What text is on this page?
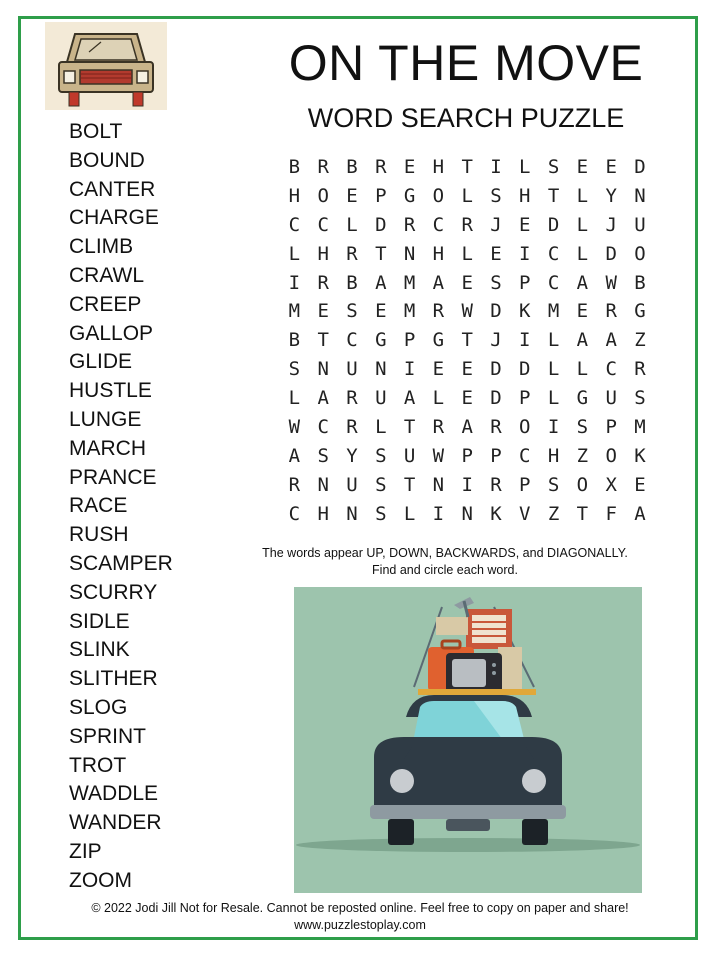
ON THE MOVE
WORD SEARCH PUZZLE
BOLT
BOUND
CANTER
CHARGE
CLIMB
CRAWL
CREEP
GALLOP
GLIDE
HUSTLE
LUNGE
MARCH
PRANCE
RACE
RUSH
SCAMPER
SCURRY
SIDLE
SLINK
SLITHER
SLOG
SPRINT
TROT
WADDLE
WANDER
ZIP
ZOOM
B R B R E H T I L S E E D
H O E P G O L S H T L Y N
C C L D R C R J E D L J U
L H R T N H L E I C L D O
I R B A M A E S P C A W B
M E S E M R W D K M E R G
B T C G P G T J I L A A Z
S N U N I E E D D L L C R
L A R U A L E D P L G U S
W C R L T R A R O I S P M
A S Y S U W P P C H Z O K
R N U S T N I R P S O X E
C H N S L I N K V Z T F A
The words appear UP, DOWN, BACKWARDS, and DIAGONALLY.
Find and circle each word.
© 2022 Jodi Jill Not for Resale. Cannot be reposted online. Feel free to copy on paper and share!
www.puzzlestoplay.com
